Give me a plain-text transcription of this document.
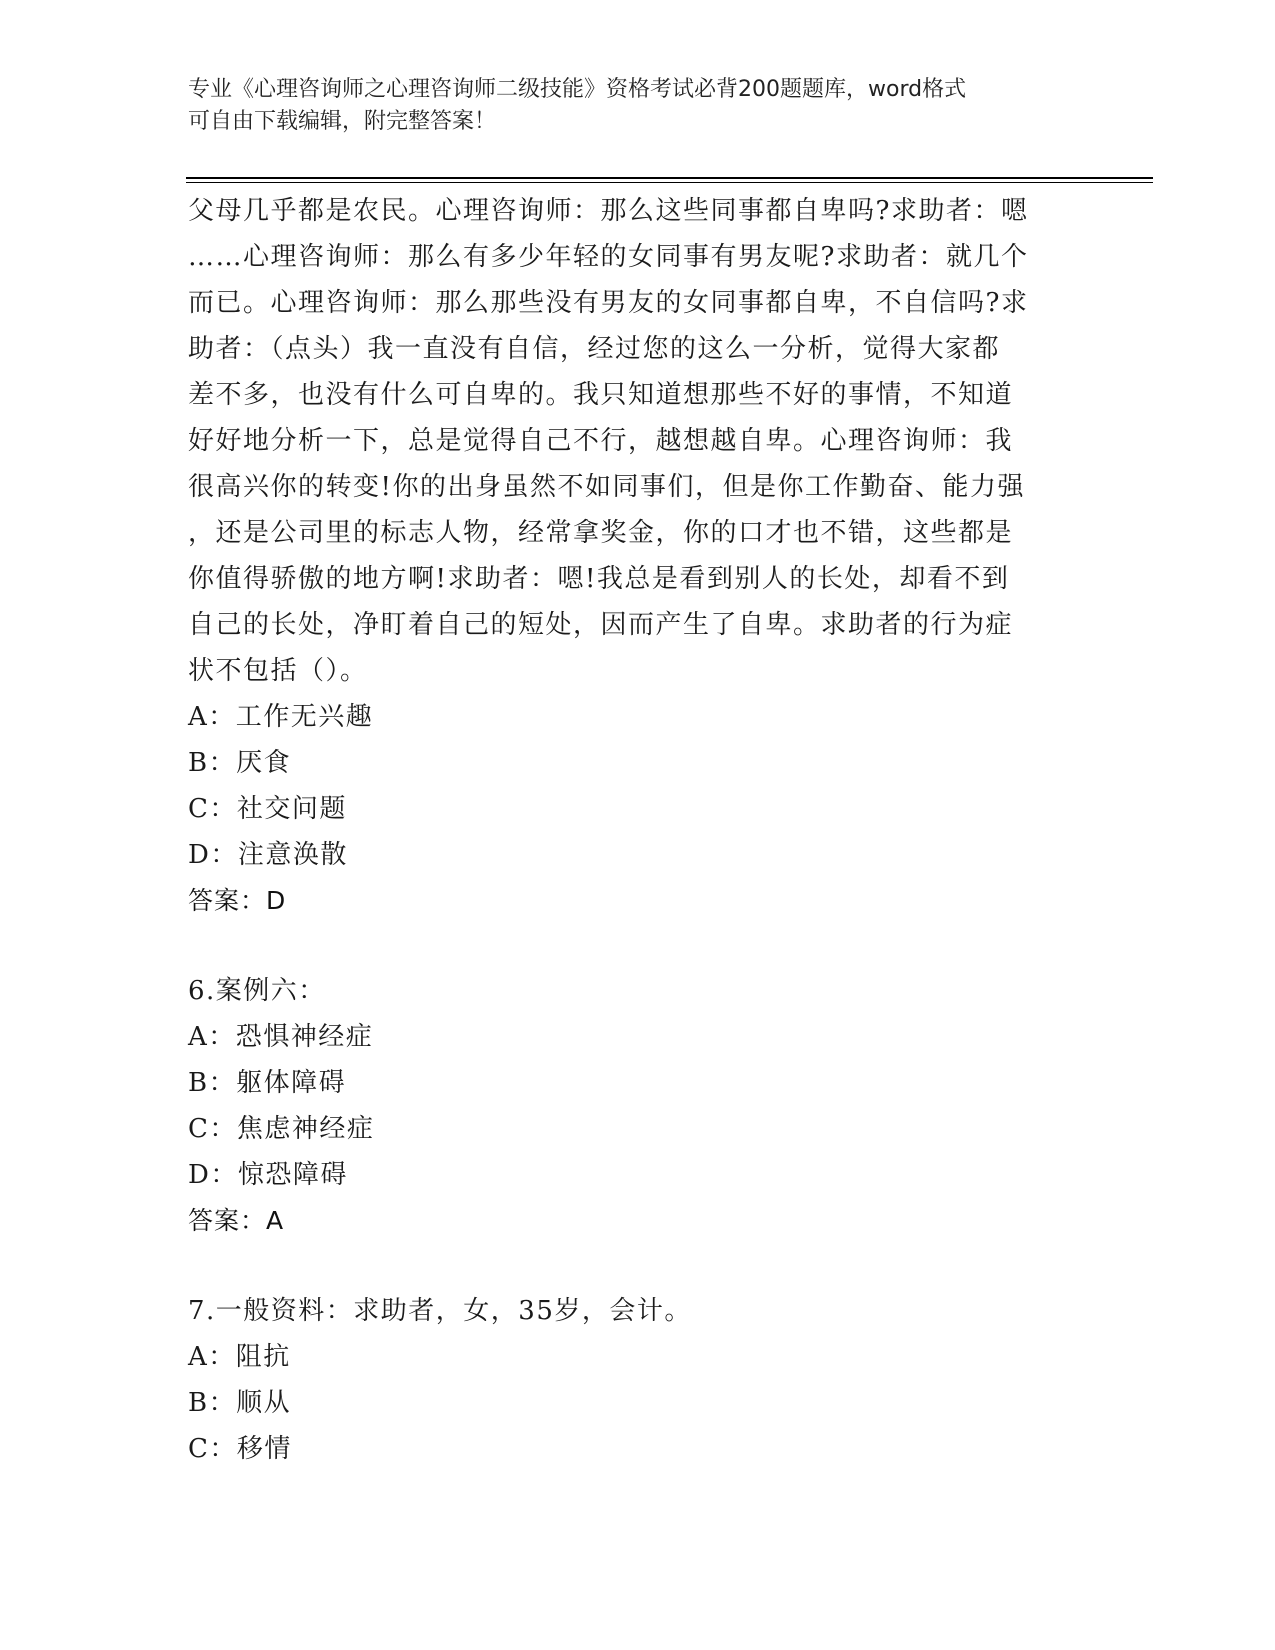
专业《心理咨询师之心理咨询师二级技能》资格考试必背200题题库，word格式
可自由下载编辑，附完整答案！
父母几乎都是农民。心理咨询师：那么这些同事都自卑吗?求助者：嗯
……心理咨询师：那么有多少年轻的女同事有男友呢?求助者：就几个
而已。心理咨询师：那么那些没有男友的女同事都自卑，不自信吗?求
助者：（点头）我一直没有自信，经过您的这么一分析，觉得大家都
差不多，也没有什么可自卑的。我只知道想那些不好的事情，不知道
好好地分析一下，总是觉得自己不行，越想越自卑。心理咨询师：我
很高兴你的转变!你的出身虽然不如同事们，但是你工作勤奋、能力强
，还是公司里的标志人物，经常拿奖金，你的口才也不错，这些都是
你值得骄傲的地方啊!求助者：嗯!我总是看到别人的长处，却看不到
自己的长处，净盯着自己的短处，因而产生了自卑。求助者的行为症
状不包括（）。
A：工作无兴趣
B：厌食
C：社交问题
D：注意涣散
答案：D
6.案例六：
A：恐惧神经症
B：躯体障碍
C：焦虑神经症
D：惊恐障碍
答案：A
7.一般资料：求助者，女，35岁，会计。
A：阻抗
B：顺从
C：移情
